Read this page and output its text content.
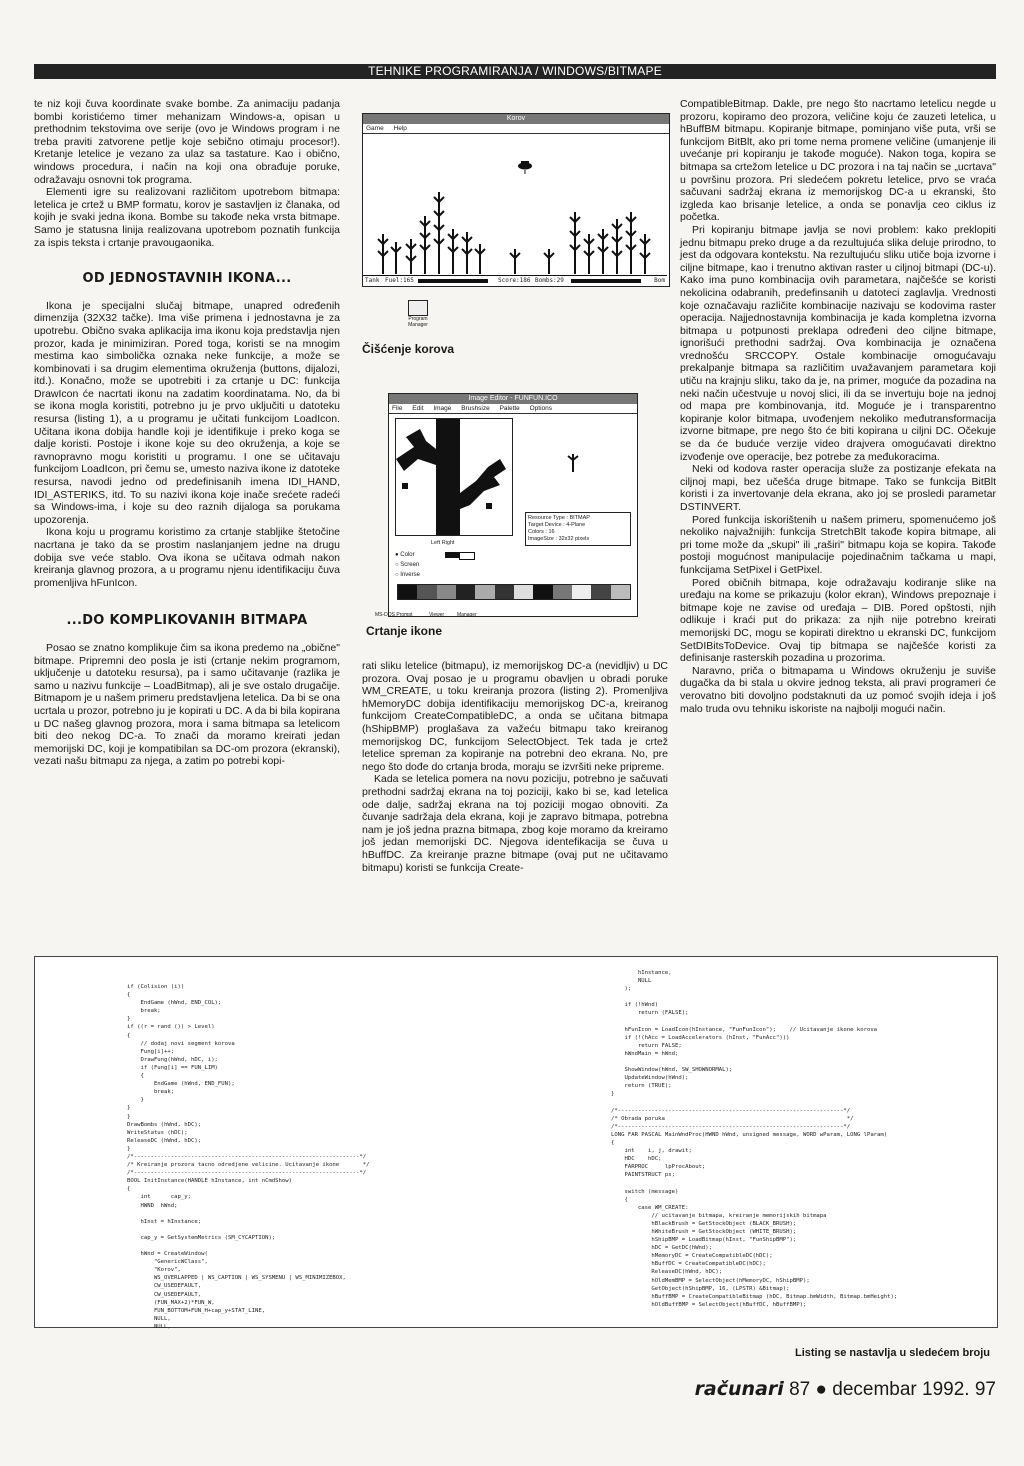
TEHNIKE PROGRAMIRANJA / WINDOWS/BITMAPE

te niz koji čuva koordinate svake bombe. Za animaciju padanja bombi koristićemo timer mehanizam Windows-a, opisan u prethodnim tekstovima ove serije (ovo je Windows program i ne treba praviti zatvorene petlje koje sebično otimaju procesor!). Kretanje letelice je vezano za ulaz sa tastature. Kao i obično, windows procedura, i način na koji ona obrađuje poruke, odražavaju osnovni tok programa.

Elementi igre su realizovani različitom upotrebom bitmapa: letelica je crtež u BMP formatu, korov je sastavljen iz članaka, od kojih je svaki jedna ikona. Bombe su takođe neka vrsta bitmape. Samo je statusna linija realizovana upotrebom poznatih funkcija za ispis teksta i crtanje pravougaonika.

OD JEDNOSTAVNIH IKONA...

Ikona je specijalni slučaj bitmape, unapred određenih dimenzija (32X32 tačke). Ima više primena i jednostavna je za upotrebu. Obično svaka aplikacija ima ikonu koja predstavlja njen prozor, kada je minimiziran. Pored toga, koristi se na mnogim mestima kao simbolička oznaka neke funkcije, a može se kombinovati i sa drugim elementima okruženja (buttons, dijalozi, itd.). Konačno, može se upotrebiti i za crtanje u DC: funkcija DrawIcon će nacrtati ikonu na zadatim koordinatama. No, da bi se ikona mogla koristiti, potrebno ju je prvo uključiti u datoteku resursa (listing 1), a u programu je učitati funkcijom LoadIcon. Učitana ikona dobija handle koji je identifikuje i preko koga se dalje koristi. Postoje i ikone koje su deo okruženja, a koje se ravnopravno mogu koristiti u programu. I one se učitavaju funkcijom LoadIcon, pri čemu se, umesto naziva ikone iz datoteke resursa, navodi jedno od predefinisanih imena IDI_HAND, IDI_ASTERIKS, itd. To su nazivi ikona koje inače srećete radeći sa Windows-ima, i koje su deo raznih dijaloga sa porukama upozorenja.

Ikona koju u programu koristimo za crtanje stabljike štetočine nacrtana je tako da se prostim naslanjanjem jedne na drugu dobija sve veće stablo. Ova ikona se učitava odmah nakon kreiranja glavnog prozora, a u programu njenu identifikaciju čuva promenljiva hFunIcon.

...DO KOMPLIKOVANIH BITMAPA

Posao se znatno komplikuje čim sa ikona predemo na „obične" bitmape. Pripremni deo posla je isti (crtanje nekim programom, uključenje u datoteku resursa), pa i samo učitavanje (razlika je samo u nazivu funkcije – LoadBitmap), ali je sve ostalo drugačije. Bitmapom je u našem primeru predstavljena letelica. Da bi se ona ucrtala u prozor, potrebno ju je kopirati u DC. A da bi bila kopirana u DC našeg glavnog prozora, mora i sama bitmapa sa letelicom biti deo nekog DC-a. To znači da moramo kreirati jedan memorijski DC, koji je kompatibilan sa DC-om prozora (ekranski), vezati našu bitmapu za njega, a zatim po potrebi kopi-

Korov
Game Help
Tank Fuel:165	Score:186 Bombs:29	Bom
Program Manager
Čišćenje korova
Image Editor - FUNFUN.ICO
File Edit Image Brushsize Palette Options
Resource Type : BITMAP
Target Device : 4-Plane
Colors : 16
ImageSize : 32x32 pixels
Left Right
● Color
○ Screen
○ Inverse
MS-DOS Prompt	Viewer	Manager
Crtanje ikone

rati sliku letelice (bitmapu), iz memorijskog DC-a (nevidljiv) u DC prozora. Ovaj posao je u programu obavljen u obradi poruke WM_CREATE, u toku kreiranja prozora (listing 2). Promenljiva hMemoryDC dobija identifikaciju memorijskog DC-a, kreiranog funkcijom CreateCompatibleDC, a onda se učitana bitmapa (hShipBMP) proglašava za važeću bitmapu tako kreiranog memorijskog DC, funkcijom SelectObject. Tek tada je crtež letelice spreman za kopiranje na potrebni deo ekrana. No, pre nego što dođe do crtanja broda, moraju se izvršiti neke pripreme.

Kada se letelica pomera na novu poziciju, potrebno je sačuvati prethodni sadržaj ekrana na toj poziciji, kako bi se, kad letelica ode dalje, sadržaj ekrana na toj poziciji mogao obnoviti. Za čuvanje sadržaja dela ekrana, koji je zapravo bitmapa, potrebna nam je još jedna prazna bitmapa, zbog koje moramo da kreiramo još jedan memorijski DC. Njegova identefikacija se čuva u hBuffDC. Za kreiranje prazne bitmape (ovaj put ne učitavamo bitmapu) koristi se funkcija Create-

CompatibleBitmap. Dakle, pre nego što nacrtamo letelicu negde u prozoru, kopiramo deo prozora, veličine koju će zauzeti letelica, u hBuffBM bitmapu. Kopiranje bitmape, pominjano više puta, vrši se funkcijom BitBlt, ako pri tome nema promene veličine (umanjenje ili uvećanje pri kopiranju je takođe moguće). Nakon toga, kopira se bitmapa sa crtežom letelice u DC prozora i na taj način se „ucrtava" u površinu prozora. Pri sledećem pokretu letelice, prvo se vraća sačuvani sadržaj ekrana iz memorijskog DC-a u ekranski, što izgleda kao brisanje letelice, a onda se ponavlja ceo ciklus iz početka.

Pri kopiranju bitmape javlja se novi problem: kako preklopiti jednu bitmapu preko druge a da rezultujuća slika deluje prirodno, to jest da odgovara kontekstu. Na rezultujuću sliku utiče boja izvorne i ciljne bitmape, kao i trenutno aktivan raster u ciljnoj bitmapi (DC-u). Kako ima puno kombinacija ovih parametara, najčešće se koristi nekolicina odabranih, predefinsanih u datoteci zaglavlja. Vrednosti koje označavaju različite kombinacije nazivaju se kodovima raster operacija. Najjednostavnija kombinacija je kada kompletna izvorna bitmapa u potpunosti preklapa određeni deo ciljne bitmape, ignorišući prethodni sadržaj. Ova kombinacija je označena vrednošću SRCCOPY. Ostale kombinacije omogućavaju prekalpanje bitmapa sa različitim uvažavanjem parametara koji utiču na krajnju sliku, tako da je, na primer, moguće da pozadina na neki način učestvuje u novoj slici, ili da se invertuju boje na jednoj od mapa pre kombinovanja, itd. Moguće je i transparentno kopiranje kolor bitmapa, uvođenjem nekoliko međutransformacija izvorne bitmape, pre nego što će biti kopirana u ciljni DC. Očekuje se da će buduće verzije video drajvera omogućavati direktno izvođenje ove operacije, bez potrebe za međukoracima.

Neki od kodova raster operacija služe za postizanje efekata na ciljnoj mapi, bez učešća druge bitmape. Tako se funkcija BitBlt koristi i za invertovanje dela ekrana, ako joj se prosledi parametar DSTINVERT.

Pored funkcija iskorištenih u našem primeru, spomenućemo još nekoliko najvažnijih: funkcija StretchBlt takođe kopira bitmape, ali pri tome može da „skupi" ili „raširi" bitmapu koja se kopira. Takođe postoji mogućnost manipulacije pojedinačnim tačkama u mapi, funkcijama SetPixel i GetPixel.

Pored običnih bitmapa, koje odražavaju kodiranje slike na uređaju na kome se prikazuju (kolor ekran), Windows prepoznaje i bitmape koje ne zavise od uređaja – DIB. Pored opštosti, njih odlikuje i kraći put do prikaza: za njih nije potrebno kreirati memorijski DC, mogu se kopirati direktno u ekranski DC, funkcijom SetDIBitsToDevice. Ovaj tip bitmapa se najčešće koristi za definisanje rasterskih pozadina u prozorima.

Naravno, priča o bitmapama u Windows okruženju je suviše dugačka da bi stala u okvire jednog teksta, ali pravi programeri će verovatno biti dovoljno podstaknuti da uz pomoć svojih ideja i još malo truda ovu tehniku iskoriste na najbolji mogući način.

if (Colision (i))
{
EndGame (hWnd, END_COL);
break;
}
if ((r = rand ()) > Level)
{
// dodaj novi segment korova
Fung[i]++;
DrawFung(hWnd, hDC, i);
if (Fung[i] == FUN_LIM)
{
EndGame (hWnd, END_FUN);
break;
}
}
}
DrawBombs (hWnd, hDC);
WriteStatus (hDC);
ReleaseDC (hWnd, hDC);
}
/*-------------------------------------------------------------------*/
/* Kreiranje prozora tacno odredjene velicine. Ucitavanje ikone       */
/*-------------------------------------------------------------------*/
BOOL InitInstance(HANDLE hInstance, int nCmdShow)
{
int      cap_y;
HWND  hWnd;

hInst = hInstance;

cap_y = GetSystemMetrics (SM_CYCAPTION);

hWnd = CreateWindow(
"GenericWClass",
"Korov",
WS_OVERLAPPED | WS_CAPTION | WS_SYSMENU | WS_MINIMIZEBOX,
CW_USEDEFAULT,
CW_USEDEFAULT,
(FUN_MAX+2)*FUN_W,
FUN_BOTTOM+FUN_H+cap_y+STAT_LINE,
NULL,
NULL,
hInstance,
NULL
);

if (!hWnd)
return (FALSE);

hFunIcon = LoadIcon(hInstance, "FunFunIcon");    // Ucitavanje ikone korova
if (!(hAcc = LoadAccelerators (hInst, "FunAcc")))
return FALSE;
hWndMain = hWnd;

ShowWindow(hWnd, SW_SHOWNORMAL);
UpdateWindow(hWnd);
return (TRUE);
}

/*-------------------------------------------------------------------*/
/* Obrada poruka                                                      */
/*-------------------------------------------------------------------*/
LONG FAR PASCAL MainWndProc(HWND hWnd, unsigned message, WORD wParam, LONG lParam)
{
int    i, j, drawit;
HDC    hDC;
FARPROC     lpProcAbout;
PAINTSTRUCT ps;

switch (message)
{
case WM_CREATE:
// ucitavanje bitmapa, kreiranje memorijskih bitmapa
hBlackBrush = GetStockObject (BLACK_BRUSH);
hWhiteBrush = GetStockObject (WHITE_BRUSH);
hShipBMP = LoadBitmap(hInst, "FunShipBMP");
hDC = GetDC(hWnd);
hMemoryDC = CreateCompatibleDC(hDC);
hBuffDC = CreateCompatibleDC(hDC);
ReleaseDC(hWnd, hDC);
hOldMemBMP = SelectObject(hMemoryDC, hShipBMP);
GetObject(hShipBMP, 16, (LPSTR) &Bitmap);
hBuffBMP = CreateCompatibleBitmap (hDC, Bitmap.bmWidth, Bitmap.bmHeight);
hOldBuffBMP = SelectObject(hBuffDC, hBuffBMP);
Listing se nastavlja u sledećem broju
računari 87 ● decembar 1992. 97
